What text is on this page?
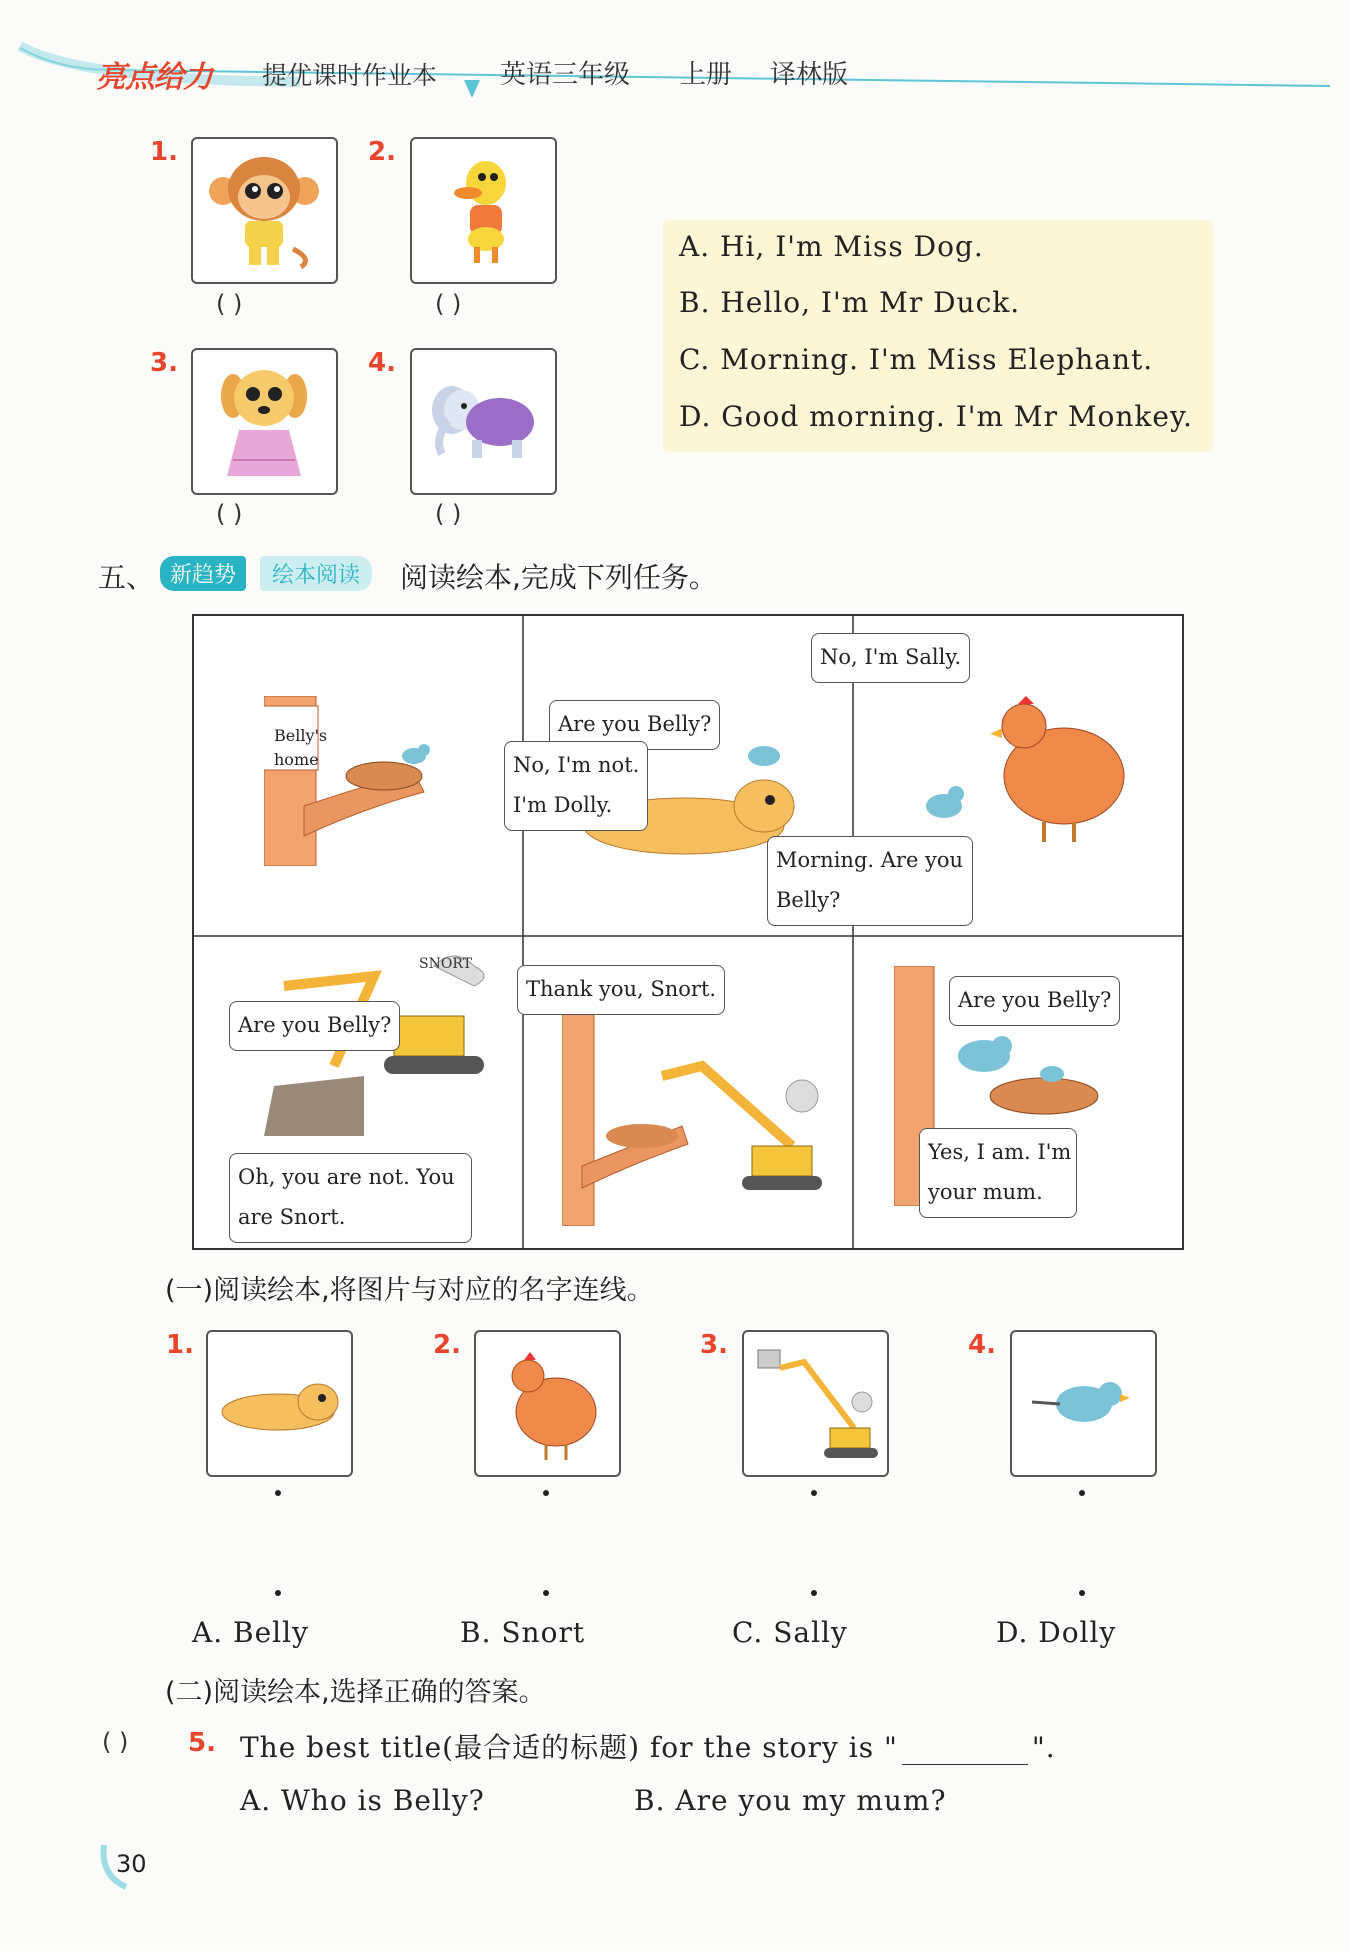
亮点给力 提优课时作业本 英语三年级 上册 译林版
1.
( )
2.
( )
3.
( )
4.
( )
A. Hi, I'm Miss Dog.
B. Hello, I'm Mr Duck.
C. Morning. I'm Miss Elephant.
D. Good morning. I'm Mr Monkey.
五、 新趋势	绘本阅读	阅读绘本,完成下列任务。
Belly's
home
Are you Belly?
No, I'm not.
I'm Dolly.
No, I'm Sally.
Morning. Are you
Belly?
SNORT
Are you Belly?
Oh, you are not. You
are Snort.
Thank you, Snort.	Are you Belly?
Yes, I am. I'm
your mum.
(一)阅读绘本,将图片与对应的名字连线。
1.	2.	3.	4.
A. Belly	B. Snort	C. Sally	D. Dolly
(二)阅读绘本,选择正确的答案。
( ) 5. The best title(最合适的标题) for the story is "	".
A. Who is Belly?	B. Are you my mum?
30
